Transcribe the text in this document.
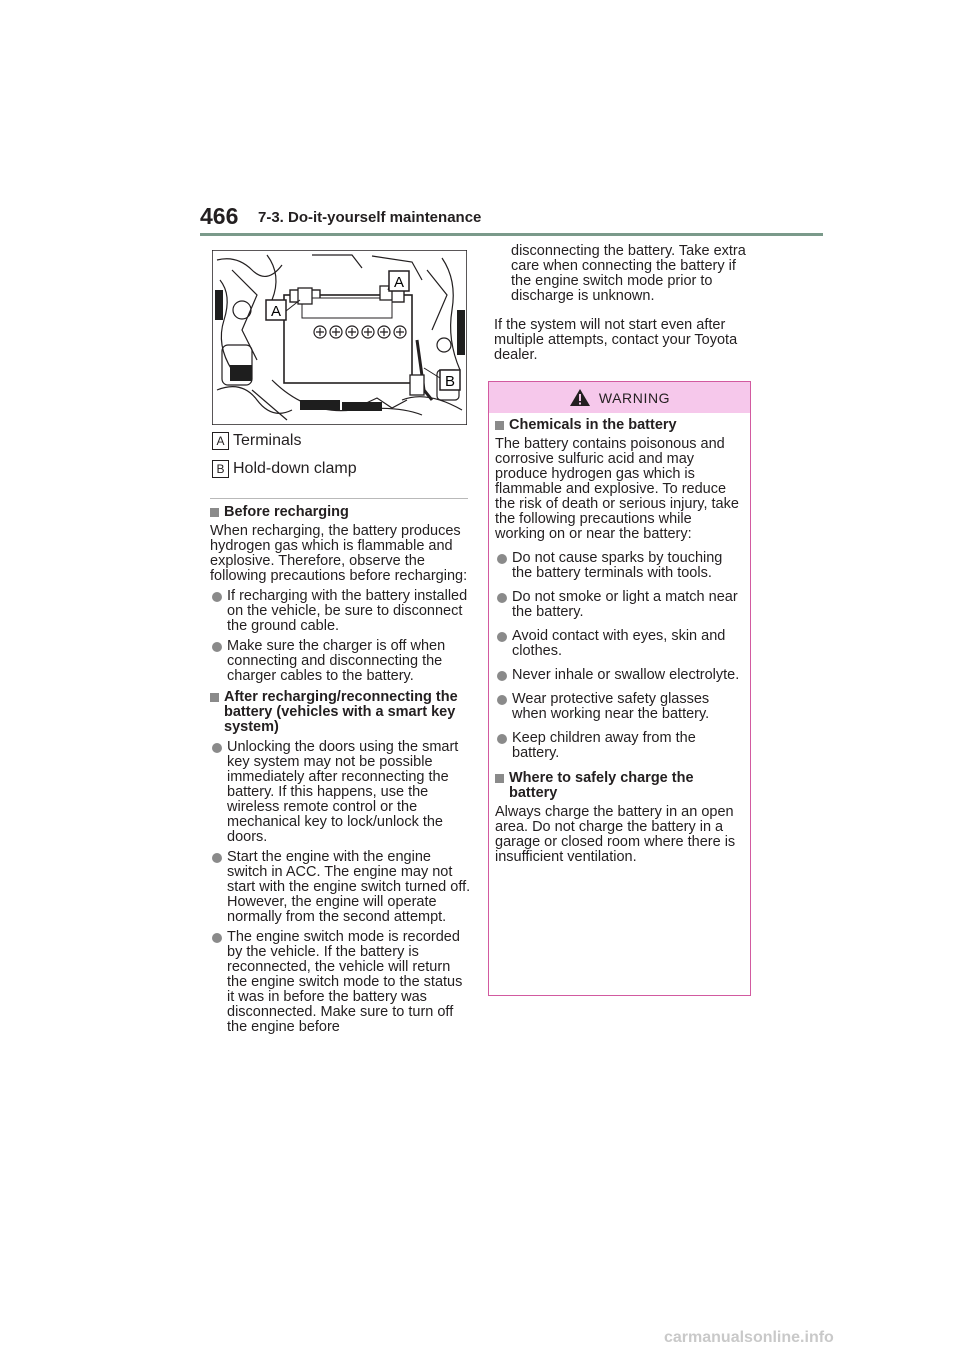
466 7-3. Do-it-yourself maintenance
A
A
B
A Terminals
B Hold-down clamp
Before recharging
When recharging, the battery produces hydrogen gas which is flammable and explosive. Therefore, observe the following precautions before recharging:
If recharging with the battery installed on the vehicle, be sure to disconnect the ground cable.
Make sure the charger is off when connecting and disconnecting the charger cables to the battery.
After recharging/reconnecting the battery (vehicles with a smart key system)
Unlocking the doors using the smart key system may not be possible immediately after reconnecting the battery. If this happens, use the wireless remote control or the mechanical key to lock/unlock the doors.
Start the engine with the engine switch in ACC. The engine may not start with the engine switch turned off. However, the engine will operate normally from the second attempt.
The engine switch mode is recorded by the vehicle. If the battery is reconnected, the vehicle will return the engine switch mode to the status it was in before the battery was disconnected. Make sure to turn off the engine before
If the system will not start even after multiple attempts, contact your Toyota dealer.
WARNING
Chemicals in the battery
The battery contains poisonous and corrosive sulfuric acid and may produce hydrogen gas which is flammable and explosive. To reduce the risk of death or serious injury, take the following precautions while working on or near the battery:
Do not cause sparks by touching the battery terminals with tools.
Do not smoke or light a match near the battery.
Avoid contact with eyes, skin and clothes.
Never inhale or swallow electrolyte.
Wear protective safety glasses when working near the battery.
Keep children away from the battery.
Where to safely charge the battery
Always charge the battery in an open area. Do not charge the battery in a garage or closed room where there is insufficient ventilation.
carmanualsonline.info
disconnecting the battery. Take extra care when connecting the battery if the engine switch mode prior to discharge is unknown.
